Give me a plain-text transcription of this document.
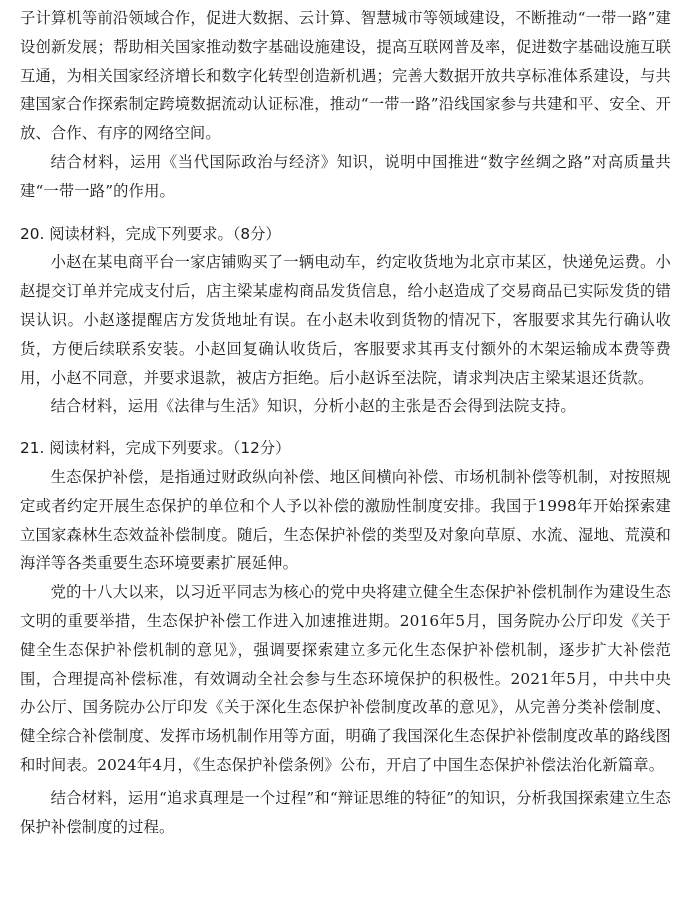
子计算机等前沿领域合作，促进大数据、云计算、智慧城市等领域建设，不断推动“一带一路”建设创新发展；帮助相关国家推动数字基础设施建设，提高互联网普及率，促进数字基础设施互联互通，为相关国家经济增长和数字化转型创造新机遇；完善大数据开放共享标准体系建设，与共建国家合作探索制定跨境数据流动认证标准，推动“一带一路”沿线国家参与共建和平、安全、开放、合作、有序的网络空间。

结合材料，运用《当代国际政治与经济》知识，说明中国推进“数字丝绸之路”对高质量共建“一带一路”的作用。

20. 阅读材料，完成下列要求。（8分）

小赵在某电商平台一家店铺购买了一辆电动车，约定收货地为北京市某区，快递免运费。小赵提交订单并完成支付后，店主梁某虚构商品发货信息，给小赵造成了交易商品已实际发货的错误认识。小赵遂提醒店方发货地址有误。在小赵未收到货物的情况下，客服要求其先行确认收货，方便后续联系安装。小赵回复确认收货后，客服要求其再支付额外的木架运输成本费等费用，小赵不同意，并要求退款，被店方拒绝。后小赵诉至法院，请求判决店主梁某退还货款。

结合材料，运用《法律与生活》知识，分析小赵的主张是否会得到法院支持。

21. 阅读材料，完成下列要求。（12分）

生态保护补偿，是指通过财政纵向补偿、地区间横向补偿、市场机制补偿等机制，对按照规定或者约定开展生态保护的单位和个人予以补偿的激励性制度安排。我国于1998年开始探索建立国家森林生态效益补偿制度。随后，生态保护补偿的类型及对象向草原、水流、湿地、荒漠和海洋等各类重要生态环境要素扩展延伸。

党的十八大以来，以习近平同志为核心的党中央将建立健全生态保护补偿机制作为建设生态文明的重要举措，生态保护补偿工作进入加速推进期。2016年5月，国务院办公厅印发《关于健全生态保护补偿机制的意见》，强调要探索建立多元化生态保护补偿机制，逐步扩大补偿范围，合理提高补偿标准，有效调动全社会参与生态环境保护的积极性。2021年5月，中共中央办公厅、国务院办公厅印发《关于深化生态保护补偿制度改革的意见》，从完善分类补偿制度、健全综合补偿制度、发挥市场机制作用等方面，明确了我国深化生态保护补偿制度改革的路线图和时间表。2024年4月，《生态保护补偿条例》公布，开启了中国生态保护补偿法治化新篇章。

结合材料，运用“追求真理是一个过程”和“辩证思维的特征”的知识，分析我国探索建立生态保护补偿制度的过程。
